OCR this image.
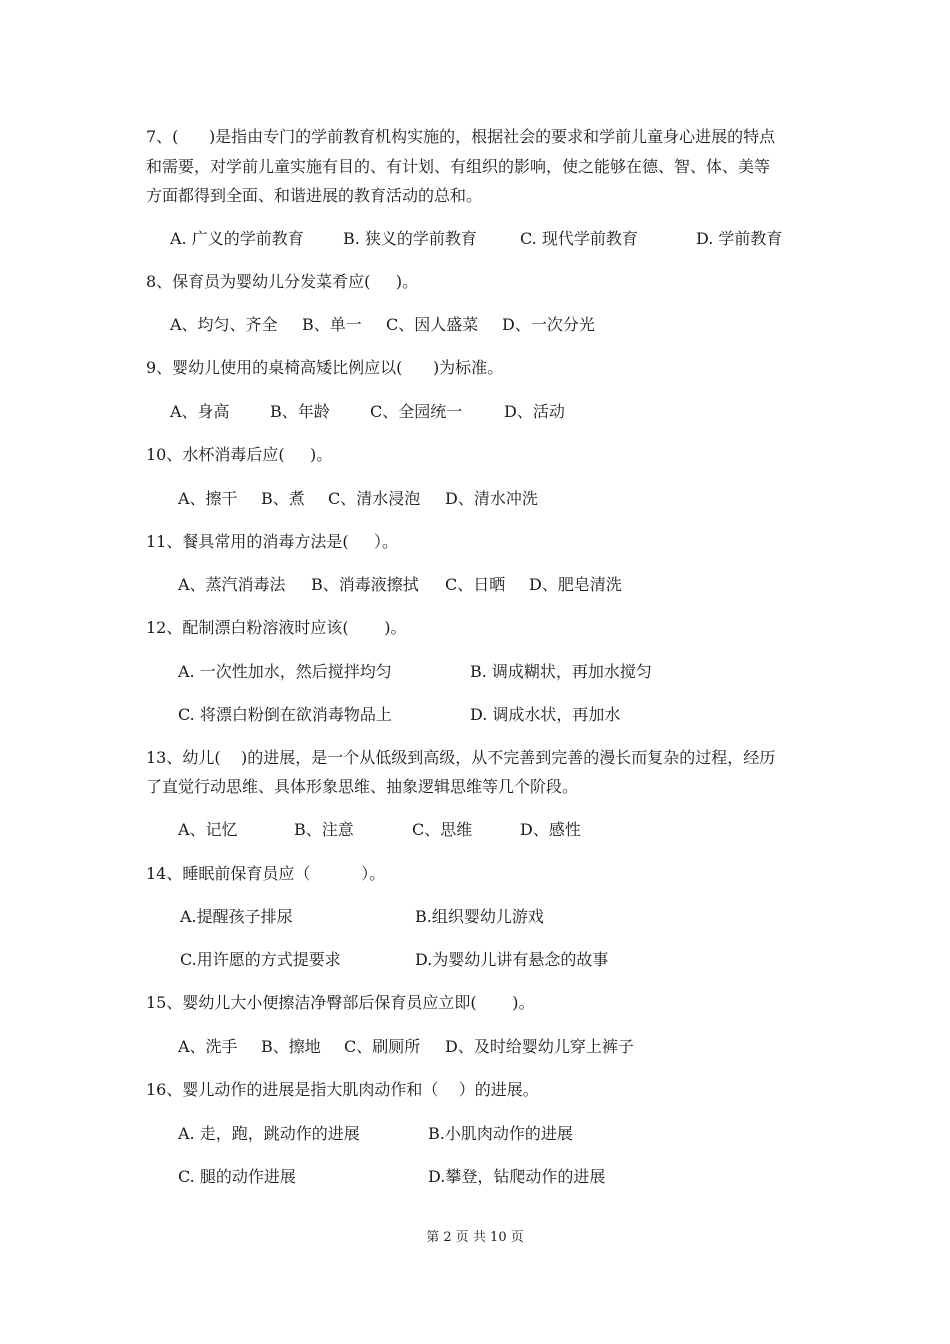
7、(      )是指由专门的学前教育机构实施的，根据社会的要求和学前儿童身心进展的特点
和需要，对学前儿童实施有目的、有计划、有组织的影响，使之能够在德、智、体、美等
方面都得到全面、和谐进展的教育活动的总和。
A. 广义的学前教育 B. 狭义的学前教育	C. 现代学前教育	D. 学前教育
8、保育员为婴幼儿分发菜肴应(     )。
A、均匀、齐全 B、单一 C、因人盛菜 D、一次分光
9、婴幼儿使用的桌椅高矮比例应以(      )为标准。
A、身高	B、年龄	C、全园统一	D、活动
10、水杯消毒后应(     )。
A、擦干 B、煮 C、清水浸泡 D、清水冲洗
11、餐具常用的消毒方法是(     ）。
A、蒸汽消毒法 B、消毒液擦拭 C、日晒 D、肥皂清洗
12、配制漂白粉溶液时应该(       )。
A. 一次性加水，然后搅拌均匀	B. 调成糊状，再加水搅匀
C. 将漂白粉倒在欲消毒物品上	D. 调成水状，再加水
13、幼儿(    )的进展，是一个从低级到高级，从不完善到完善的漫长而复杂的过程，经历
了直觉行动思维、具体形象思维、抽象逻辑思维等几个阶段。
A、记忆	B、注意	C、思维	D、感性
14、睡眠前保育员应（          ）。
A.提醒孩子排尿	B.组织婴幼儿游戏
C.用许愿的方式提要求	D.为婴幼儿讲有悬念的故事
15、婴幼儿大小便擦洁净臀部后保育员应立即(       )。
A、洗手 B、擦地 C、刷厕所 D、及时给婴幼儿穿上裤子
16、婴儿动作的进展是指大肌肉动作和（    ）的进展。
A. 走，跑，跳动作的进展	B.小肌肉动作的进展
C. 腿的动作进展	D.攀登，钻爬动作的进展
第 2 页 共 10 页
